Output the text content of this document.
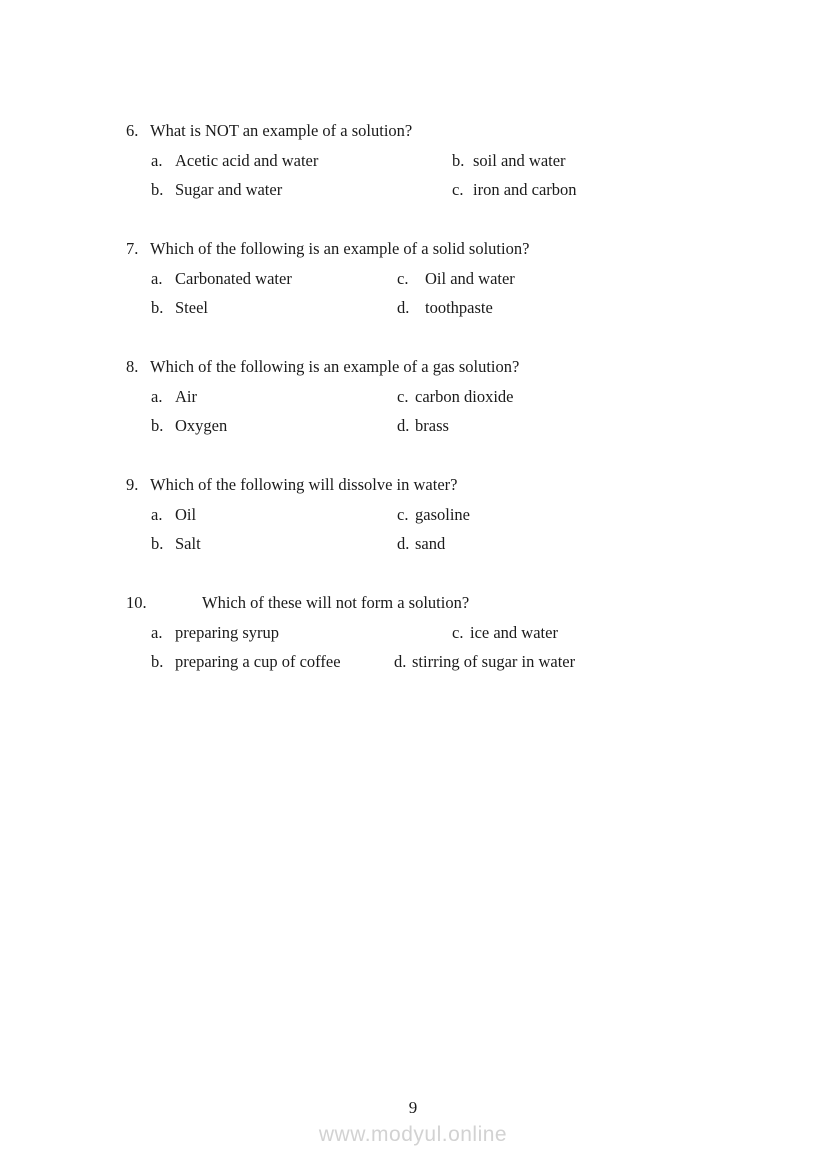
6. What is NOT an example of a solution?
a. Acetic acid and water	b. soil and water
b. Sugar and water	c. iron and carbon
7. Which of the following is an example of a solid solution?
a. Carbonated water	c. Oil and water
b. Steel	d. toothpaste
8. Which of the following is an example of a gas solution?
a. Air	c. carbon dioxide
b. Oxygen	d. brass
9. Which of the following will dissolve in water?
a. Oil	c. gasoline
b. Salt	d. sand
10.	Which of these will not form a solution?
a. preparing syrup	c. ice and water
b. preparing a cup of coffee	d. stirring of sugar in water
9
www.modyul.online
